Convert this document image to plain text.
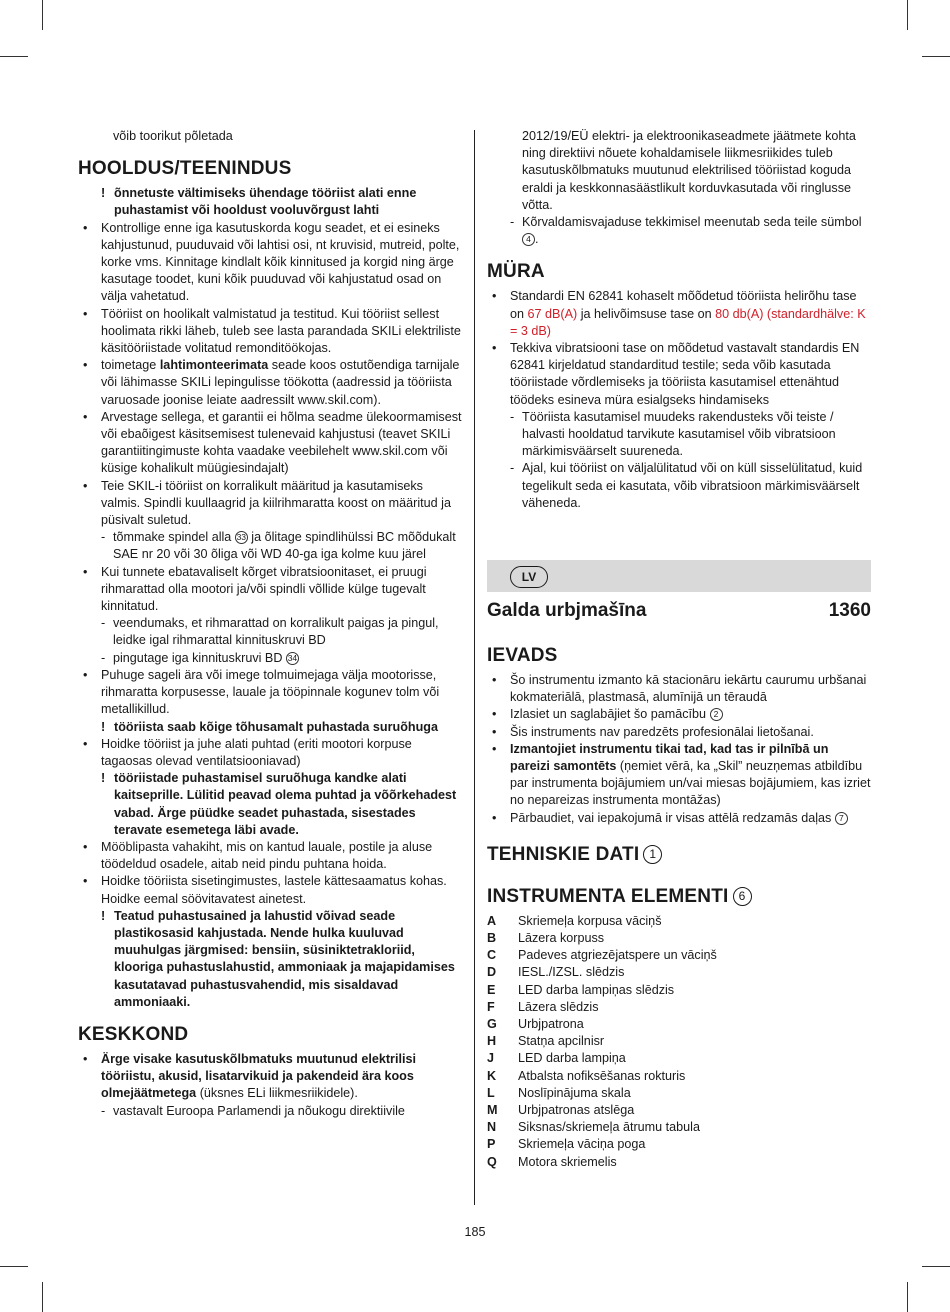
võib toorikut põletada
HOOLDUS/TEENINDUS
! õnnetuste vältimiseks ühendage tööriist alati enne puhastamist või hooldust vooluvõrgust lahti
• Kontrollige enne iga kasutuskorda kogu seadet, et ei esineks kahjustunud, puuduvaid või lahtisi osi, nt kruvisid, mutreid, polte, korke vms. Kinnitage kindlalt kõik kinnitused ja korgid ning ärge kasutage toodet, kuni kõik puuduvad või kahjustatud osad on välja vahetatud.
• Tööriist on hoolikalt valmistatud ja testitud. Kui tööriist sellest hoolimata rikki läheb, tuleb see lasta parandada SKILi elektriliste käsitööriistade volitatud remonditöökojas.
• toimetage lahtimonteerimata seade koos ostutõendiga tarnijale või lähimasse SKILi lepingulisse töökotta (aadressid ja tööriista varuosade joonise leiate aadressilt www.skil.com).
• Arvestage sellega, et garantii ei hõlma seadme ülekoormamisest või ebaõigest käsitsemisest tulenevaid kahjustusi (teavet SKILi garantiitingimuste kohta vaadake veebilehelt www.skil.com või küsige kohalikult müügiesindajalt)
• Teie SKIL-i tööriist on korralikult määritud ja kasutamiseks valmis. Spindli kuullaagrid ja kiilrihmaratta koost on määritud ja püsivalt suletud.
- tõmmake spindel alla 33 ja õlitage spindlihülssi BC mõõdukalt SAE nr 20 või 30 õliga või WD 40-ga iga kolme kuu järel
• Kui tunnete ebatavaliselt kõrget vibratsioonitaset, ei pruugi rihmarattad olla mootori ja/või spindli võllide külge tugevalt kinnitatud.
- veendumaks, et rihmarattad on korralikult paigas ja pingul, leidke igal rihmarattal kinnituskruvi BD
- pingutage iga kinnituskruvi BD 34
• Puhuge sageli ära või imege tolmuimejaga välja mootorisse, rihmaratta korpusesse, lauale ja tööpinnale kogunev tolm või metallikillud.
! tööriista saab kõige tõhusamalt puhastada suruõhuga
• Hoidke tööriist ja juhe alati puhtad (eriti mootori korpuse tagaosas olevad ventilatsiooniavad)
! tööriistade puhastamisel suruõhuga kandke alati kaitseprille. Lülitid peavad olema puhtad ja võõrkehadest vabad. Ärge püüdke seadet puhastada, sisestades teravate esemetega läbi avade.
• Mööblipasta vahakiht, mis on kantud lauale, postile ja aluse töödeldud osadele, aitab neid pindu puhtana hoida.
• Hoidke tööriista sisetingimustes, lastele kättesaamatus kohas. Hoidke eemal söövitavatest ainetest.
! Teatud puhastusained ja lahustid võivad seade plastikosasid kahjustada. Nende hulka kuuluvad muuhulgas järgmised: bensiin, süsiniktetrakloriid, klooriga puhastuslahustid, ammoniaak ja majapidamises kasutatavad puhastusvahendid, mis sisaldavad ammoniaaki.
KESKKOND
• Ärge visake kasutuskõlbmatuks muutunud elektrilisi tööriistu, akusid, lisatarvikuid ja pakendeid ära koos olmejäätmetega (üksnes ELi liikmesriikidele).
- vastavalt Euroopa Parlamendi ja nõukogu direktiivile
2012/19/EÜ elektri- ja elektroonikaseadmete jäätmete kohta ning direktiivi nõuete kohaldamisele liikmesriikides tuleb kasutuskõlbmatuks muutunud elektrilised tööriistad koguda eraldi ja keskkonnasäästlikult korduvkasutada või ringlusse võtta.
- Kõrvaldamisvajaduse tekkimisel meenutab seda teile sümbol 4 .
MÜRA
• Standardi EN 62841 kohaselt mõõdetud tööriista helirõhu tase on 67 dB(A) ja helivõimsuse tase on 80 db(A) (standardhälve: K = 3 dB)
• Tekkiva vibratsiooni tase on mõõdetud vastavalt standardis EN 62841 kirjeldatud standarditud testile; seda võib kasutada tööriistade võrdlemiseks ja tööriista kasutamisel ettenähtud töödeks esineva müra esialgseks hindamiseks
- Tööriista kasutamisel muudeks rakendusteks või teiste / halvasti hooldatud tarvikute kasutamisel võib vibratsioon märkimisväärselt suureneda.
- Ajal, kui tööriist on väljalülitatud või on küll sisselülitatud, kuid tegelikult seda ei kasutata, võib vibratsioon märkimisväärselt väheneda.
LV
Galda urbjmašīna	1360
IEVADS
• Šo instrumentu izmanto kā stacionāru iekārtu caurumu urbšanai kokmateriālā, plastmasā, alumīnijā un tēraudā
• Izlasiet un saglabājiet šo pamācību 2
• Šis instruments nav paredzēts profesionālai lietošanai.
• Izmantojiet instrumentu tikai tad, kad tas ir pilnībā un pareizi samontēts (ņemiet vērā, ka „Skil” neuzņemas atbildību par instrumenta bojājumiem un/vai miesas bojājumiem, kas izriet no nepareizas instrumenta montāžas)
• Pārbaudiet, vai iepakojumā ir visas attēlā redzamās daļas 7
TEHNISKIE DATI 1
INSTRUMENTA ELEMENTI 6
A	Skriemeļa korpusa vāciņš
B	Lāzera korpuss
C	Padeves atgriezējatspere un vāciņš
D	IESL./IZSL. slēdzis
E	LED darba lampiņas slēdzis
F	Lāzera slēdzis
G	Urbjpatrona
H	Statņa apcilnisr
J	LED darba lampiņa
K	Atbalsta nofiksēšanas rokturis
L	Noslīpinājuma skala
M	Urbjpatronas atslēga
N	Siksnas/skriemeļa ātrumu tabula
P	Skriemeļa vāciņa poga
Q	Motora skriemelis
185
